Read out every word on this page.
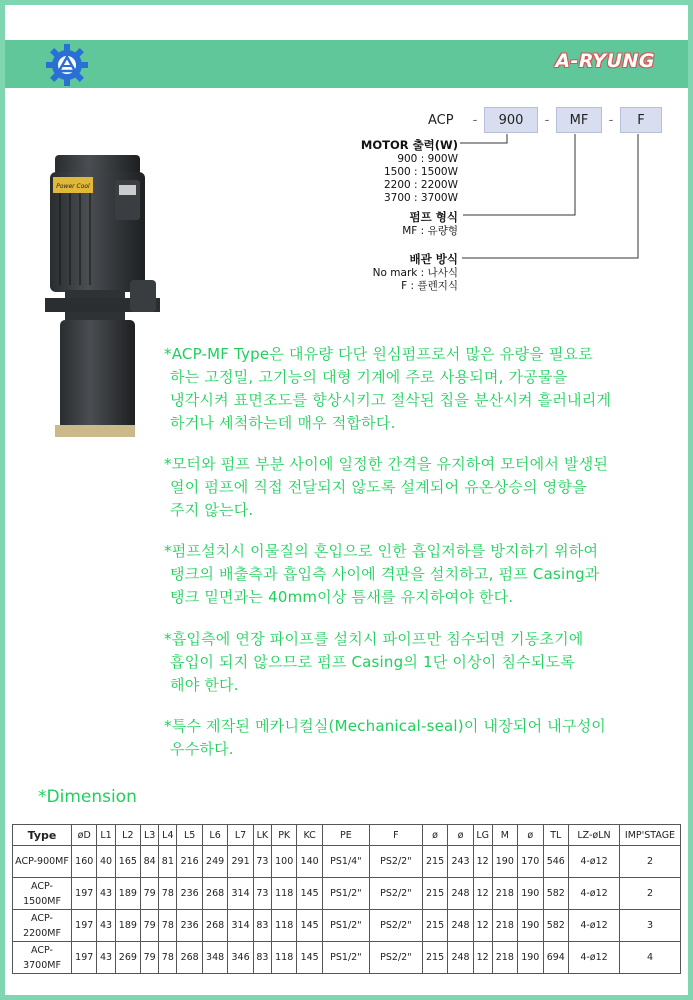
A-RYUNG
ACP	-	900	-	MF	-	F
MOTOR 출력(W)
900 : 900W
1500 : 1500W
2200 : 2200W
3700 : 3700W
펌프 형식
MF : 유량형
배관 방식
No mark : 나사식
F : 플렌지식
Power Cool

*ACP-MF Type은 대유량 다단 원심펌프로서 많은 유량을 필요로

하는 고정밀, 고기능의 대형 기계에 주로 사용되며, 가공물을

냉각시켜 표면조도를 향상시키고 절삭된 칩을 분산시켜 흘러내리게

하거나 세척하는데 매우 적합하다.

*모터와 펌프 부분 사이에 일정한 간격을 유지하여 모터에서 발생된

열이 펌프에 직접 전달되지 않도록 설계되어 유온상승의 영향을

주지 않는다.

*펌프설치시 이물질의 혼입으로 인한 흡입저하를 방지하기 위하여

탱크의 배출측과 흡입측 사이에 격판을 설치하고, 펌프 Casing과

탱크 밑면과는 40mm이상 틈새를 유지하여야 한다.

*흡입측에 연장 파이프를 설치시 파이프만 침수되면 기동초기에

흡입이 되지 않으므로 펌프 Casing의 1단 이상이 침수되도록

해야 한다.

*특수 제작된 메카니컬실(Mechanical-seal)이 내장되어 내구성이

우수하다.

*Dimension
Type	øD	L1	L2	L3	L4	L5	L6	L7	LK	PK	KC	PE	F	ø	ø	LG	M	ø	TL	LZ-øLN	IMP'STAGE
ACP-900MF	160	40	165	84	81	216	249	291	73	100	140	PS1/4"	PS2/2"	215	243	12	190	170	546	4-ø12	2
ACP-1500MF	197	43	189	79	78	236	268	314	73	118	145	PS1/2"	PS2/2"	215	248	12	218	190	582	4-ø12	2
ACP-2200MF	197	43	189	79	78	236	268	314	83	118	145	PS1/2"	PS2/2"	215	248	12	218	190	582	4-ø12	3
ACP-3700MF	197	43	269	79	78	268	348	346	83	118	145	PS1/2"	PS2/2"	215	248	12	218	190	694	4-ø12	4
